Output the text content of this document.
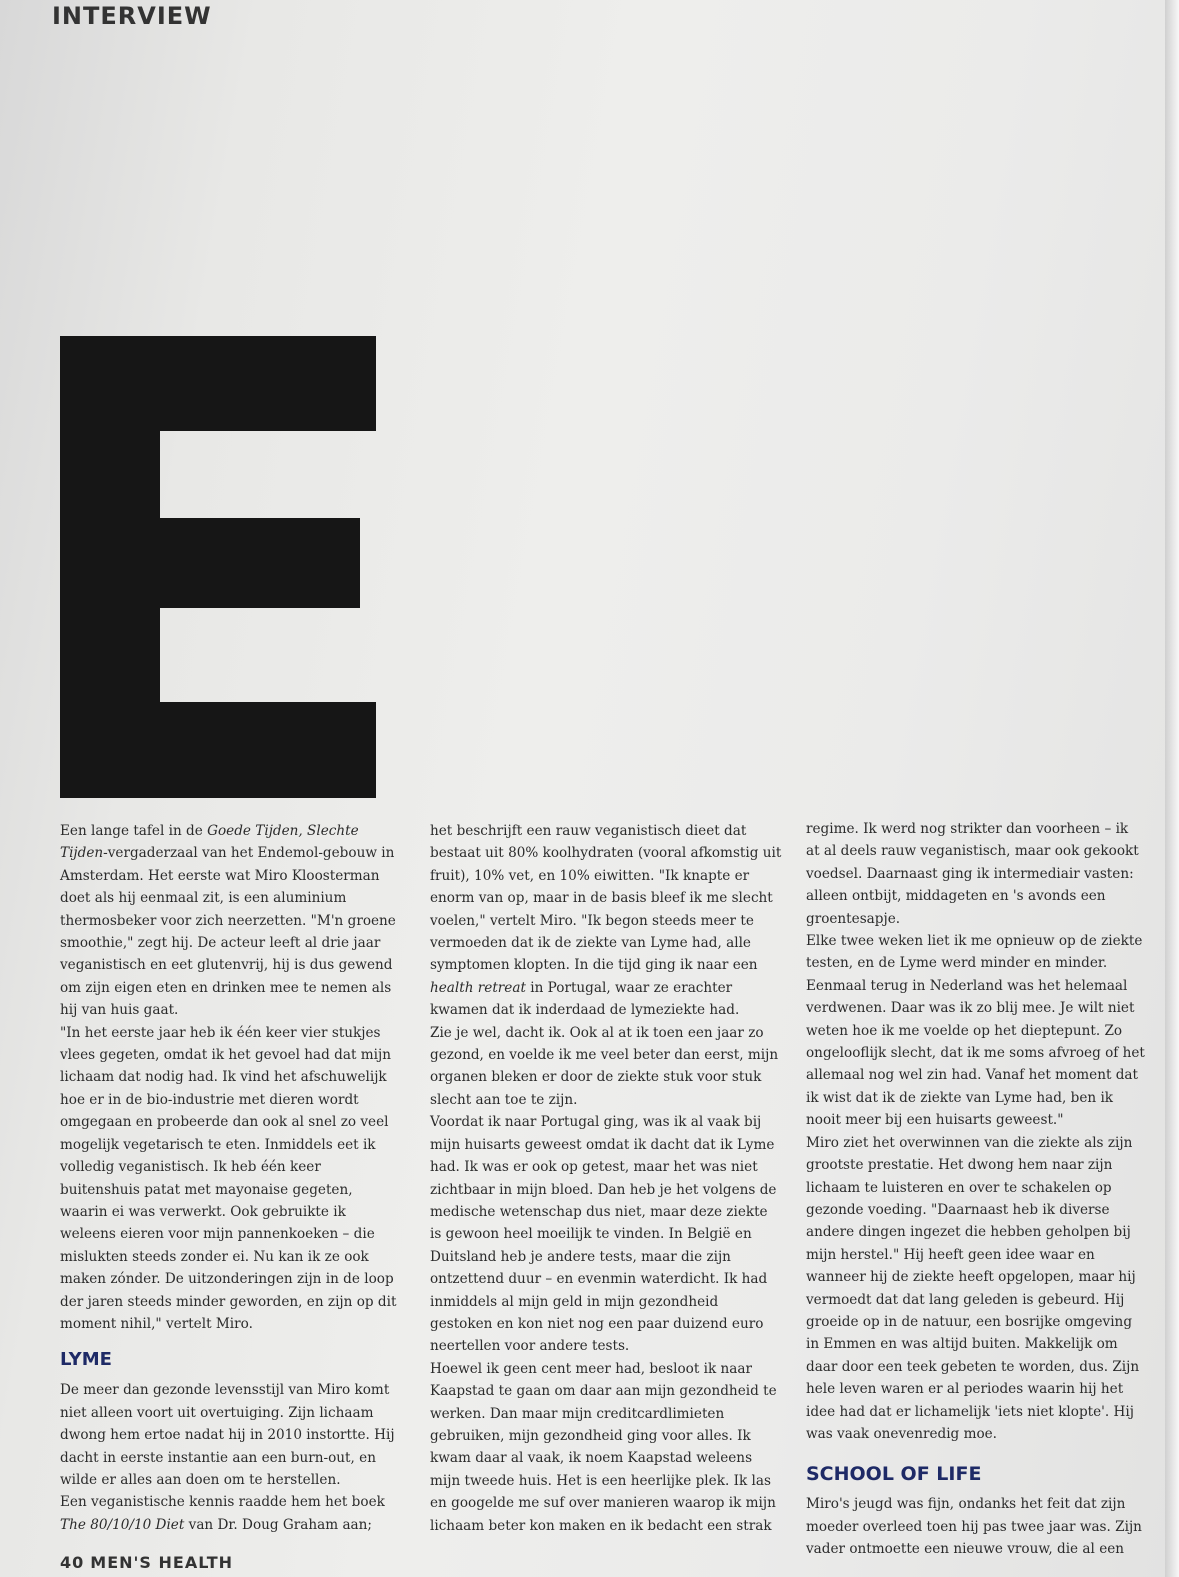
INTERVIEW

Een lange tafel in de Goede Tijden, Slechte Tijden-vergaderzaal van het Endemol-gebouw in Amsterdam. Het eerste wat Miro Kloosterman doet als hij eenmaal zit, is een aluminium thermosbeker voor zich neerzetten. "M'n groene smoothie," zegt hij. De acteur leeft al drie jaar veganistisch en eet glutenvrij, hij is dus gewend om zijn eigen eten en drinken mee te nemen als hij van huis gaat.

"In het eerste jaar heb ik één keer vier stukjes vlees gegeten, omdat ik het gevoel had dat mijn lichaam dat nodig had. Ik vind het afschuwelijk hoe er in de bio-industrie met dieren wordt omgegaan en probeerde dan ook al snel zo veel mogelijk vegetarisch te eten. Inmiddels eet ik volledig veganistisch. Ik heb één keer buitenshuis patat met mayonaise gegeten, waarin ei was verwerkt. Ook gebruikte ik weleens eieren voor mijn pannenkoeken – die mislukten steeds zonder ei. Nu kan ik ze ook maken zónder. De uitzonderingen zijn in de loop der jaren steeds minder geworden, en zijn op dit moment nihil," vertelt Miro.

LYME

De meer dan gezonde levensstijl van Miro komt niet alleen voort uit overtuiging. Zijn lichaam dwong hem ertoe nadat hij in 2010 instortte. Hij dacht in eerste instantie aan een burn-out, en wilde er alles aan doen om te herstellen.

Een veganistische kennis raadde hem het boek The 80/10/10 Diet van Dr. Doug Graham aan;

het beschrijft een rauw veganistisch dieet dat bestaat uit 80% koolhydraten (vooral afkomstig uit fruit), 10% vet, en 10% eiwitten. "Ik knapte er enorm van op, maar in de basis bleef ik me slecht voelen," vertelt Miro. "Ik begon steeds meer te vermoeden dat ik de ziekte van Lyme had, alle symptomen klopten. In die tijd ging ik naar een health retreat in Portugal, waar ze erachter kwamen dat ik inderdaad de lymeziekte had.

Zie je wel, dacht ik. Ook al at ik toen een jaar zo gezond, en voelde ik me veel beter dan eerst, mijn organen bleken er door de ziekte stuk voor stuk slecht aan toe te zijn.

Voordat ik naar Portugal ging, was ik al vaak bij mijn huisarts geweest omdat ik dacht dat ik Lyme had. Ik was er ook op getest, maar het was niet zichtbaar in mijn bloed. Dan heb je het volgens de medische wetenschap dus niet, maar deze ziekte is gewoon heel moeilijk te vinden. In België en Duitsland heb je andere tests, maar die zijn ontzettend duur – en evenmin waterdicht. Ik had inmiddels al mijn geld in mijn gezondheid gestoken en kon niet nog een paar duizend euro neertellen voor andere tests.

Hoewel ik geen cent meer had, besloot ik naar Kaapstad te gaan om daar aan mijn gezondheid te werken. Dan maar mijn creditcardlimieten gebruiken, mijn gezondheid ging voor alles. Ik kwam daar al vaak, ik noem Kaapstad weleens mijn tweede huis. Het is een heerlijke plek. Ik las en googelde me suf over manieren waarop ik mijn lichaam beter kon maken en ik bedacht een strak

regime. Ik werd nog strikter dan voorheen – ik at al deels rauw veganistisch, maar ook gekookt voedsel. Daarnaast ging ik intermediair vasten: alleen ontbijt, middageten en 's avonds een groentesapje.

Elke twee weken liet ik me opnieuw op de ziekte testen, en de Lyme werd minder en minder. Eenmaal terug in Nederland was het helemaal verdwenen. Daar was ik zo blij mee. Je wilt niet weten hoe ik me voelde op het dieptepunt. Zo ongelooflijk slecht, dat ik me soms afvroeg of het allemaal nog wel zin had. Vanaf het moment dat ik wist dat ik de ziekte van Lyme had, ben ik nooit meer bij een huisarts geweest."

Miro ziet het overwinnen van die ziekte als zijn grootste prestatie. Het dwong hem naar zijn lichaam te luisteren en over te schakelen op gezonde voeding. "Daarnaast heb ik diverse andere dingen ingezet die hebben geholpen bij mijn herstel." Hij heeft geen idee waar en wanneer hij de ziekte heeft opgelopen, maar hij vermoedt dat dat lang geleden is gebeurd. Hij groeide op in de natuur, een bosrijke omgeving in Emmen en was altijd buiten. Makkelijk om daar door een teek gebeten te worden, dus. Zijn hele leven waren er al periodes waarin hij het idee had dat er lichamelijk 'iets niet klopte'. Hij was vaak onevenredig moe.

SCHOOL OF LIFE

Miro's jeugd was fijn, ondanks het feit dat zijn moeder overleed toen hij pas twee jaar was. Zijn vader ontmoette een nieuwe vrouw, die al een

40 MEN'S HEALTH
